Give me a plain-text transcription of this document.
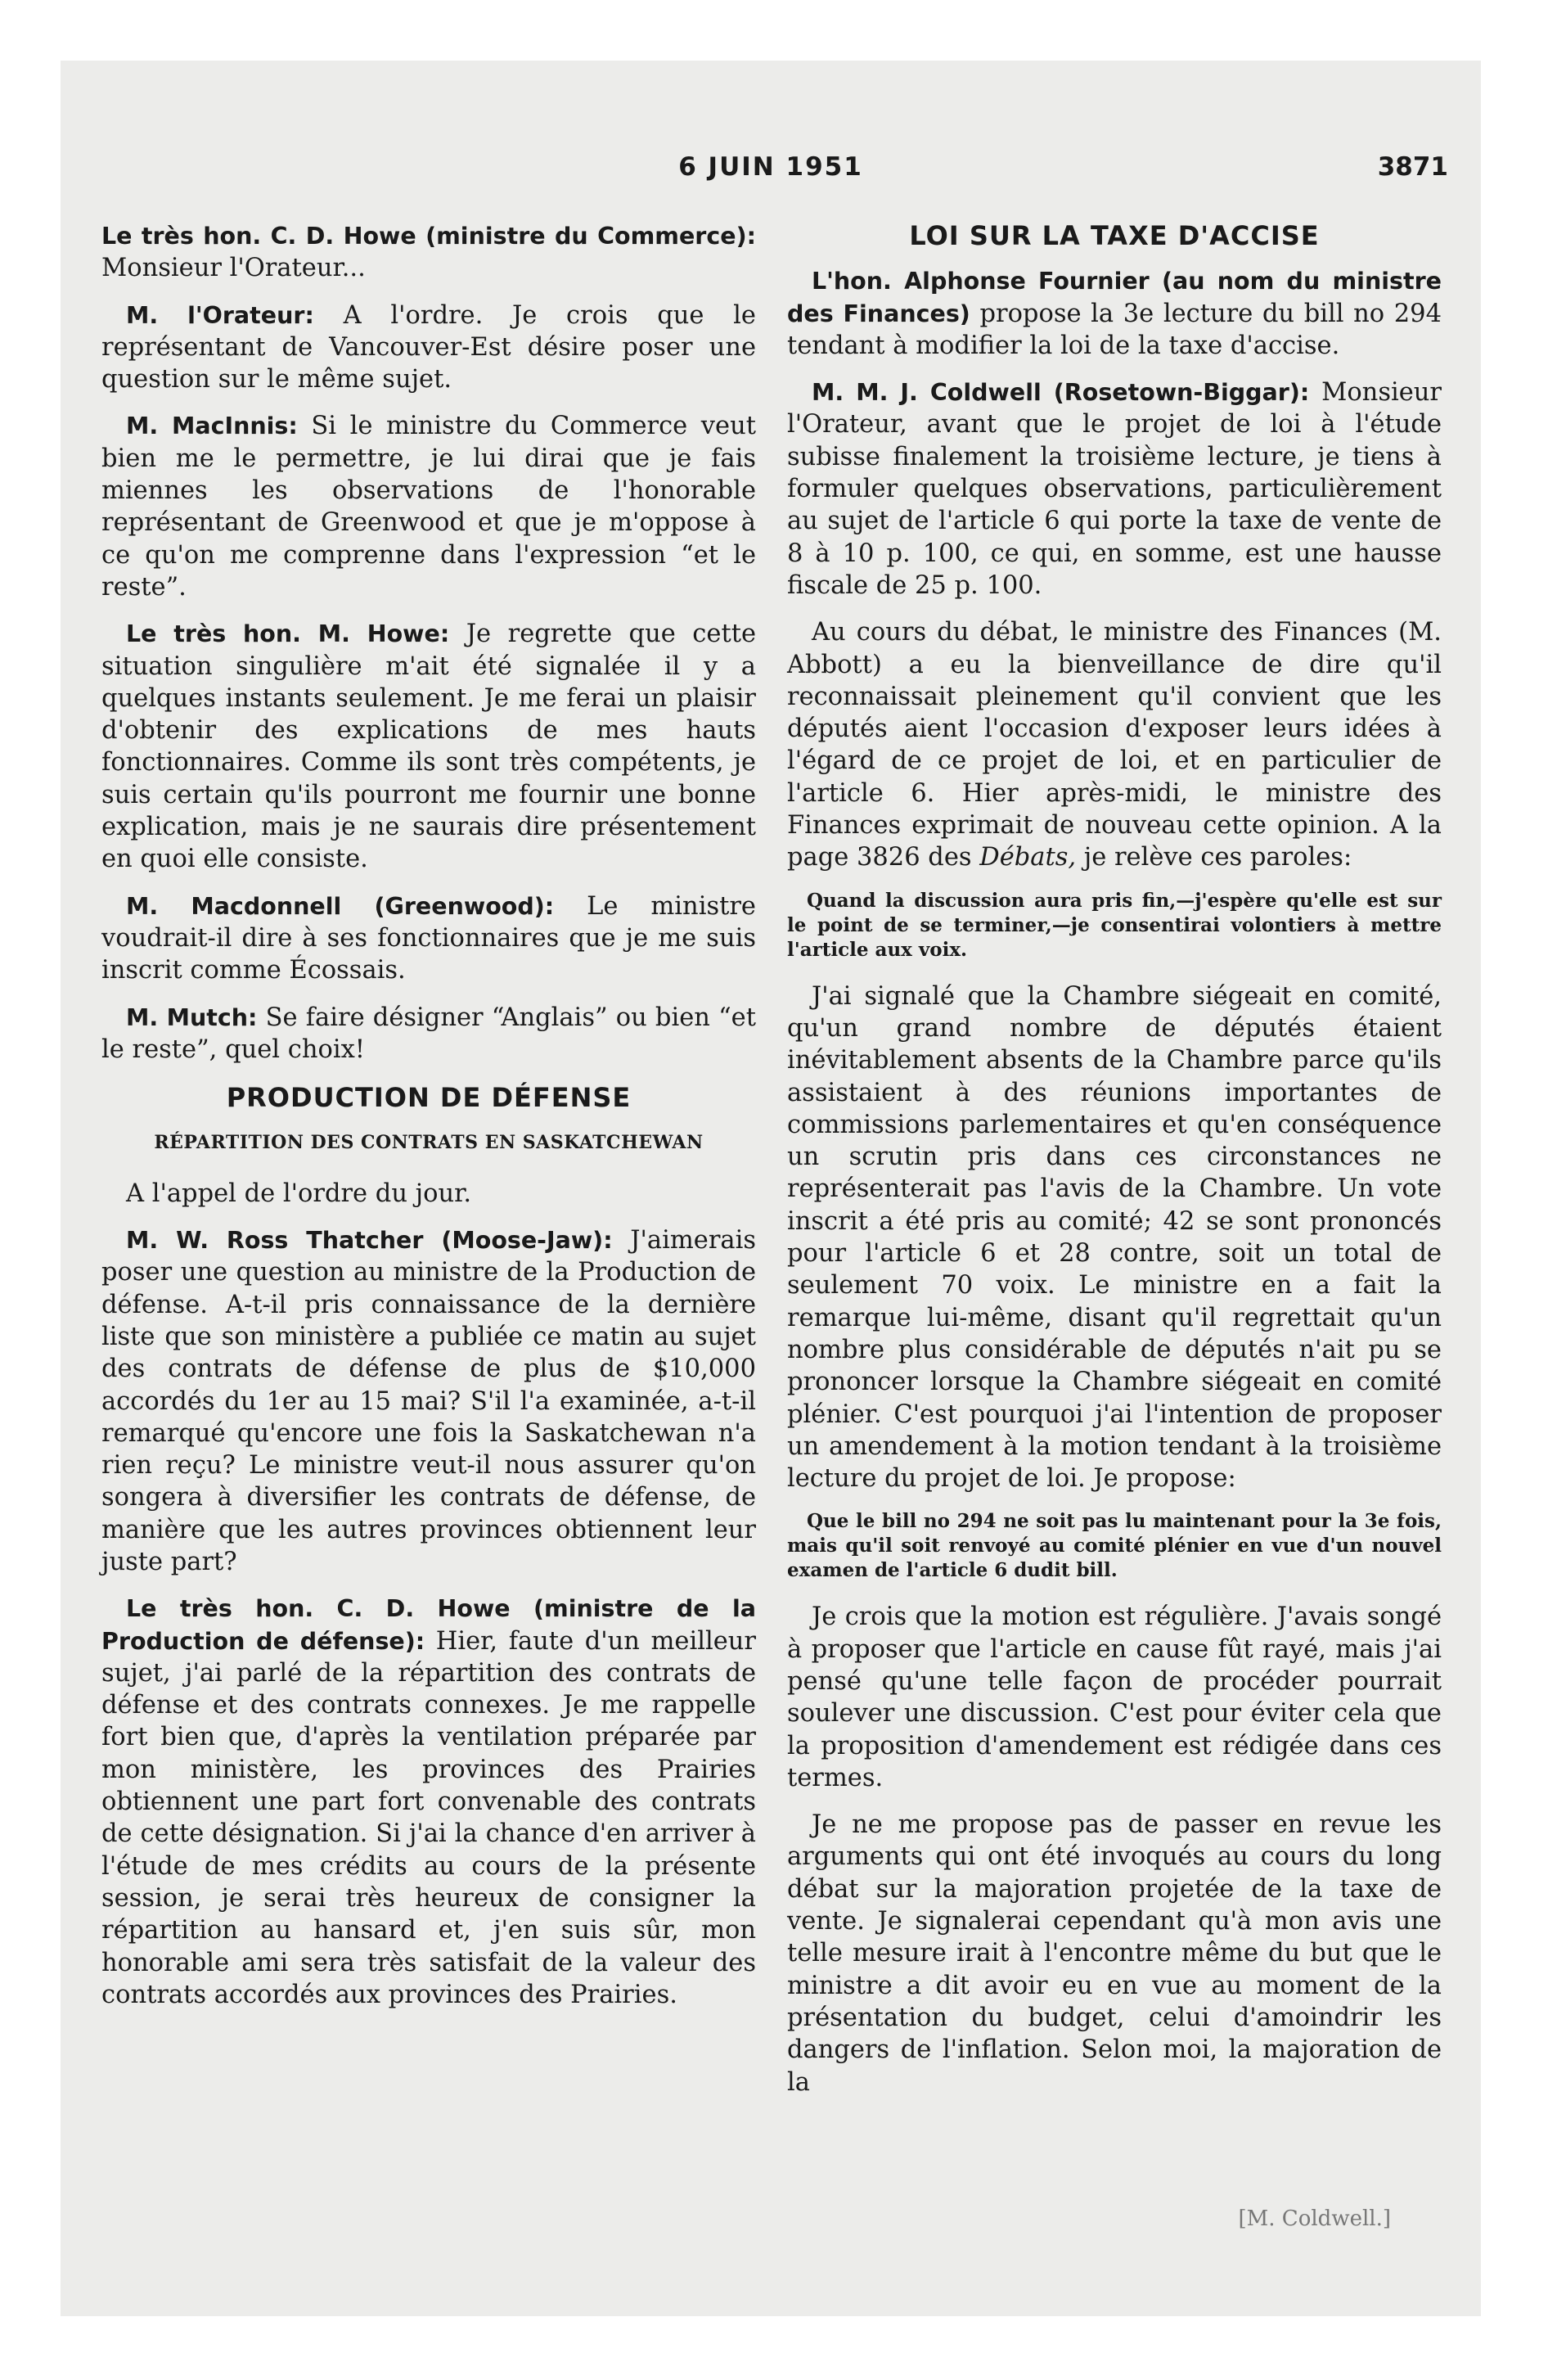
6 JUIN 1951	3871

Le très hon. C. D. Howe (ministre du Commerce): Monsieur l'Orateur...

M. l'Orateur: A l'ordre. Je crois que le représentant de Vancouver-Est désire poser une question sur le même sujet.

M. MacInnis: Si le ministre du Commerce veut bien me le permettre, je lui dirai que je fais miennes les observations de l'honorable représentant de Greenwood et que je m'oppose à ce qu'on me comprenne dans l'expression “et le reste”.

Le très hon. M. Howe: Je regrette que cette situation singulière m'ait été signalée il y a quelques instants seulement. Je me ferai un plaisir d'obtenir des explications de mes hauts fonctionnaires. Comme ils sont très compétents, je suis certain qu'ils pourront me fournir une bonne explication, mais je ne saurais dire présentement en quoi elle consiste.

M. Macdonnell (Greenwood): Le ministre voudrait-il dire à ses fonctionnaires que je me suis inscrit comme Écossais.

M. Mutch: Se faire désigner “Anglais” ou bien “et le reste”, quel choix!

PRODUCTION DE DÉFENSE
RÉPARTITION DES CONTRATS EN SASKATCHEWAN

A l'appel de l'ordre du jour.

M. W. Ross Thatcher (Moose-Jaw): J'aimerais poser une question au ministre de la Production de défense. A-t-il pris connaissance de la dernière liste que son ministère a publiée ce matin au sujet des contrats de défense de plus de $10,000 accordés du 1er au 15 mai? S'il l'a examinée, a-t-il remarqué qu'encore une fois la Saskatchewan n'a rien reçu? Le ministre veut-il nous assurer qu'on songera à diversifier les contrats de défense, de manière que les autres provinces obtiennent leur juste part?

Le très hon. C. D. Howe (ministre de la Production de défense): Hier, faute d'un meilleur sujet, j'ai parlé de la répartition des contrats de défense et des contrats connexes. Je me rappelle fort bien que, d'après la ventilation préparée par mon ministère, les provinces des Prairies obtiennent une part fort convenable des contrats de cette désignation. Si j'ai la chance d'en arriver à l'étude de mes crédits au cours de la présente session, je serai très heureux de consigner la répartition au hansard et, j'en suis sûr, mon honorable ami sera très satisfait de la valeur des contrats accordés aux provinces des Prairies.

LOI SUR LA TAXE D'ACCISE

L'hon. Alphonse Fournier (au nom du ministre des Finances) propose la 3e lecture du bill no 294 tendant à modifier la loi de la taxe d'accise.

M. M. J. Coldwell (Rosetown-Biggar): Monsieur l'Orateur, avant que le projet de loi à l'étude subisse finalement la troisième lecture, je tiens à formuler quelques observations, particulièrement au sujet de l'article 6 qui porte la taxe de vente de 8 à 10 p. 100, ce qui, en somme, est une hausse fiscale de 25 p. 100.

Au cours du débat, le ministre des Finances (M. Abbott) a eu la bienveillance de dire qu'il reconnaissait pleinement qu'il convient que les députés aient l'occasion d'exposer leurs idées à l'égard de ce projet de loi, et en particulier de l'article 6. Hier après-midi, le ministre des Finances exprimait de nouveau cette opinion. A la page 3826 des Débats, je relève ces paroles:

Quand la discussion aura pris fin,—j'espère qu'elle est sur le point de se terminer,—je consentirai volontiers à mettre l'article aux voix.

J'ai signalé que la Chambre siégeait en comité, qu'un grand nombre de députés étaient inévitablement absents de la Chambre parce qu'ils assistaient à des réunions importantes de commissions parlementaires et qu'en conséquence un scrutin pris dans ces circonstances ne représenterait pas l'avis de la Chambre. Un vote inscrit a été pris au comité; 42 se sont prononcés pour l'article 6 et 28 contre, soit un total de seulement 70 voix. Le ministre en a fait la remarque lui-même, disant qu'il regrettait qu'un nombre plus considérable de députés n'ait pu se prononcer lorsque la Chambre siégeait en comité plénier. C'est pourquoi j'ai l'intention de proposer un amendement à la motion tendant à la troisième lecture du projet de loi. Je propose:

Que le bill no 294 ne soit pas lu maintenant pour la 3e fois, mais qu'il soit renvoyé au comité plénier en vue d'un nouvel examen de l'article 6 dudit bill.

Je crois que la motion est régulière. J'avais songé à proposer que l'article en cause fût rayé, mais j'ai pensé qu'une telle façon de procéder pourrait soulever une discussion. C'est pour éviter cela que la proposition d'amendement est rédigée dans ces termes.

Je ne me propose pas de passer en revue les arguments qui ont été invoqués au cours du long débat sur la majoration projetée de la taxe de vente. Je signalerai cependant qu'à mon avis une telle mesure irait à l'encontre même du but que le ministre a dit avoir eu en vue au moment de la présentation du budget, celui d'amoindrir les dangers de l'inflation. Selon moi, la majoration de la

[M. Coldwell.]
